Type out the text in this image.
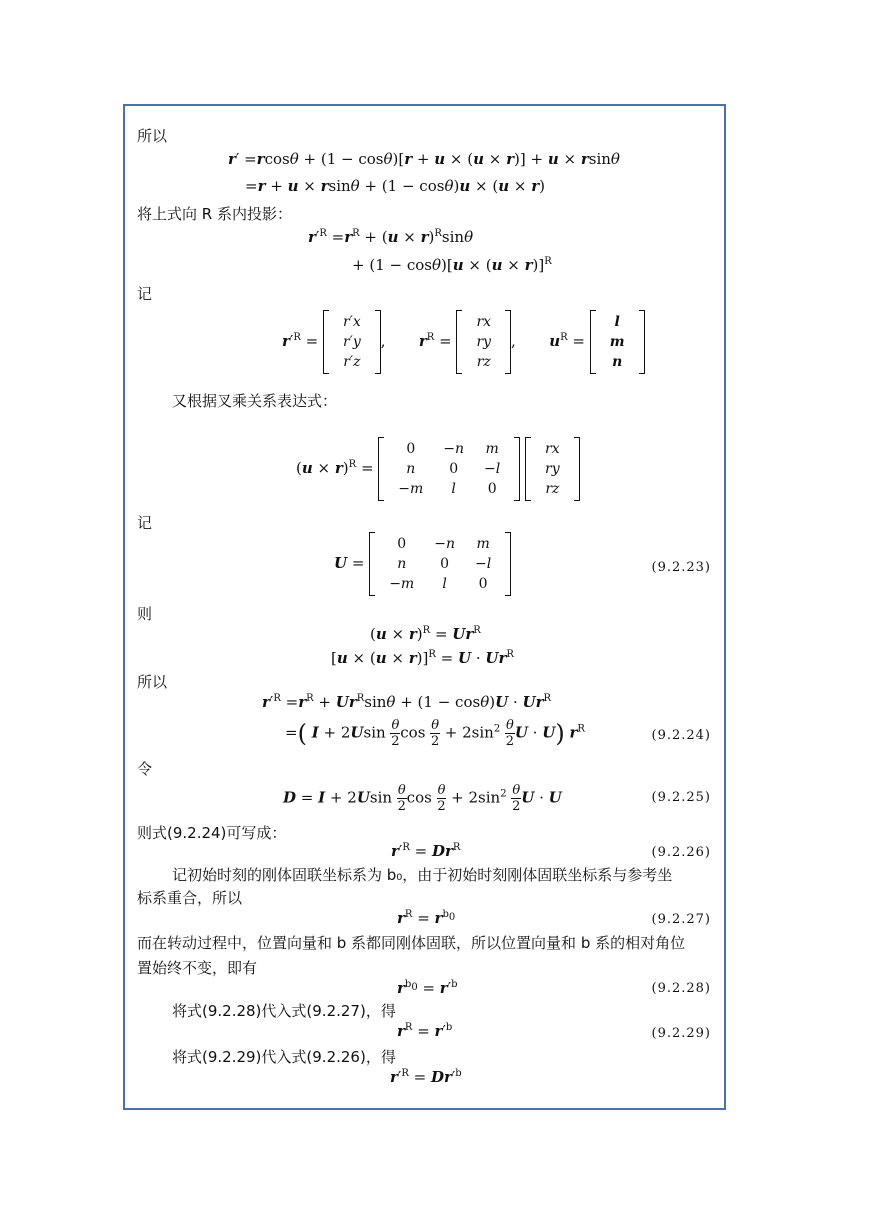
所以
r′ =rcosθ + (1 − cosθ)[r + u × (u × r)] + u × rsinθ
=r + u × rsinθ + (1 − cosθ)u × (u × r)
将上式向 R 系内投影：
$r'^R =r^R + (u \times r)^R\sin\theta$
+ $(1 - \cos\theta)[u \times (u \times r)]^R$
记
$r'^R$ =
r′x
r′y
r′z
,       $r^R$ =
rx
ry
rz
,       $u^R$ =
l
m
n
又根据叉乘关系表达式：
$(u \times r)^R$ =
0	−n	m
n	0	−l
−m	l	0

rx
ry
rz
记
U =
0	−n	m
n	0	−l
−m	l	0
(9.2.23)
则
$(u \times r)^R = Ur^R$
$[u \times (u \times r)]^R = U \cdot Ur^R$
所以
$r'^R =r^R + Ur^R\sin\theta + (1 - \cos\theta)U \cdot Ur^R$
=( $I + 2Usin \frac{\theta}{2}$ $\cos \frac{\theta}{2} + 2\sin^2 \frac{\theta}{2}$ U · U) $r^R$	(9.2.24)
令
$D = I + 2Usin \frac{\theta}{2}$ $\cos \frac{\theta}{2} + 2\sin^2 \frac{\theta}{2}$ U · U	(9.2.25)
则式(9.2.24)可写成：
$r'^R = Dr^R$	(9.2.26)
记初始时刻的刚体固联坐标系为 b₀，由于初始时刻刚体固联坐标系与参考坐
标系重合，所以
$r^R = r^{b_0}$	(9.2.27)
而在转动过程中，位置向量和 b 系都同刚体固联，所以位置向量和 b 系的相对角位
置始终不变，即有
$r^{b_0} = r'^b$	(9.2.28)
将式(9.2.28)代入式(9.2.27)，得
$r^R = r'^b$	(9.2.29)
将式(9.2.29)代入式(9.2.26)，得
$r'^R = Dr'^b$
